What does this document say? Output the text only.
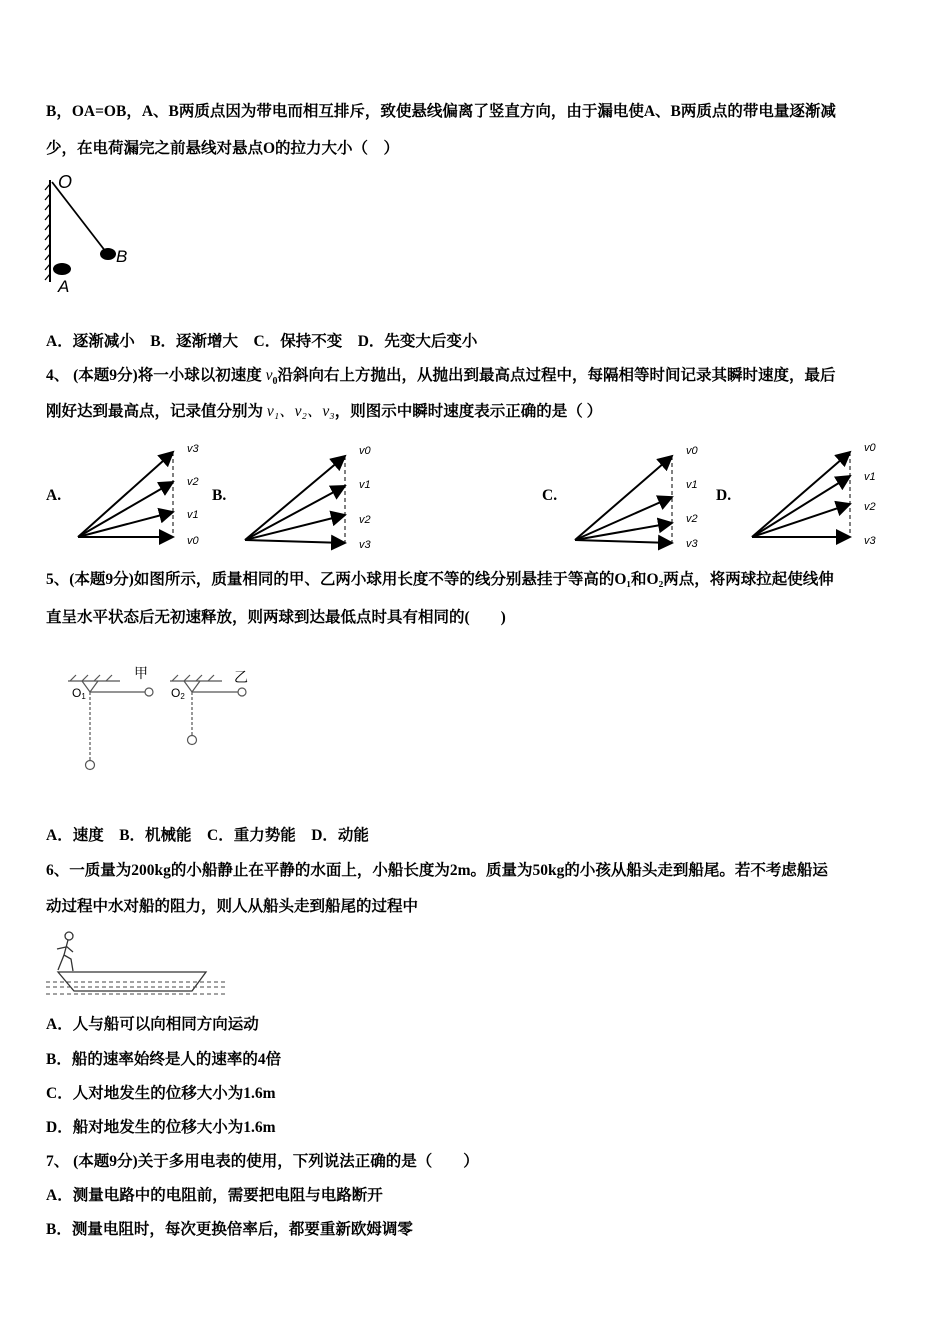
B，OA=OB，A、B两质点因为带电而相互排斥，致使悬线偏离了竖直方向，由于漏电使A、B两质点的带电量逐渐减
少，在电荷漏完之前悬线对悬点O的拉力大小（　）
O
B
A
A．逐渐减小　B．逐渐增大　C．保持不变　D．先变大后变小
4、 (本题9分)将一小球以初速度 $v_0$沿斜向右上方抛出，从抛出到最高点过程中，每隔相等时间记录其瞬时速度，最后
刚好达到最高点，记录值分别为 v₁、v₂、v₃，则图示中瞬时速度表示正确的是（ ）
A.	B.	C.	D.
v3
v2
v1
v0
v0
v1
v2
v3
v0
v1
v2
v3
v0
v1
v2
v3
5、(本题9分)如图所示，质量相同的甲、乙两小球用长度不等的线分别悬挂于等高的O₁和O₂两点，将两球拉起使线伸
直呈水平状态后无初速释放，则两球到达最低点时具有相同的(　　)
甲	乙
O1	O2
A．速度　B．机械能　C．重力势能　D．动能
6、一质量为200kg的小船静止在平静的水面上，小船长度为2m。质量为50kg的小孩从船头走到船尾。若不考虑船运
动过程中水对船的阻力，则人从船头走到船尾的过程中
A．人与船可以向相同方向运动
B．船的速率始终是人的速率的4倍
C．人对地发生的位移大小为1.6m
D．船对地发生的位移大小为1.6m
7、 (本题9分)关于多用电表的使用，下列说法正确的是（　　）
A．测量电路中的电阻前，需要把电阻与电路断开
B．测量电阻时，每次更换倍率后，都要重新欧姆调零
